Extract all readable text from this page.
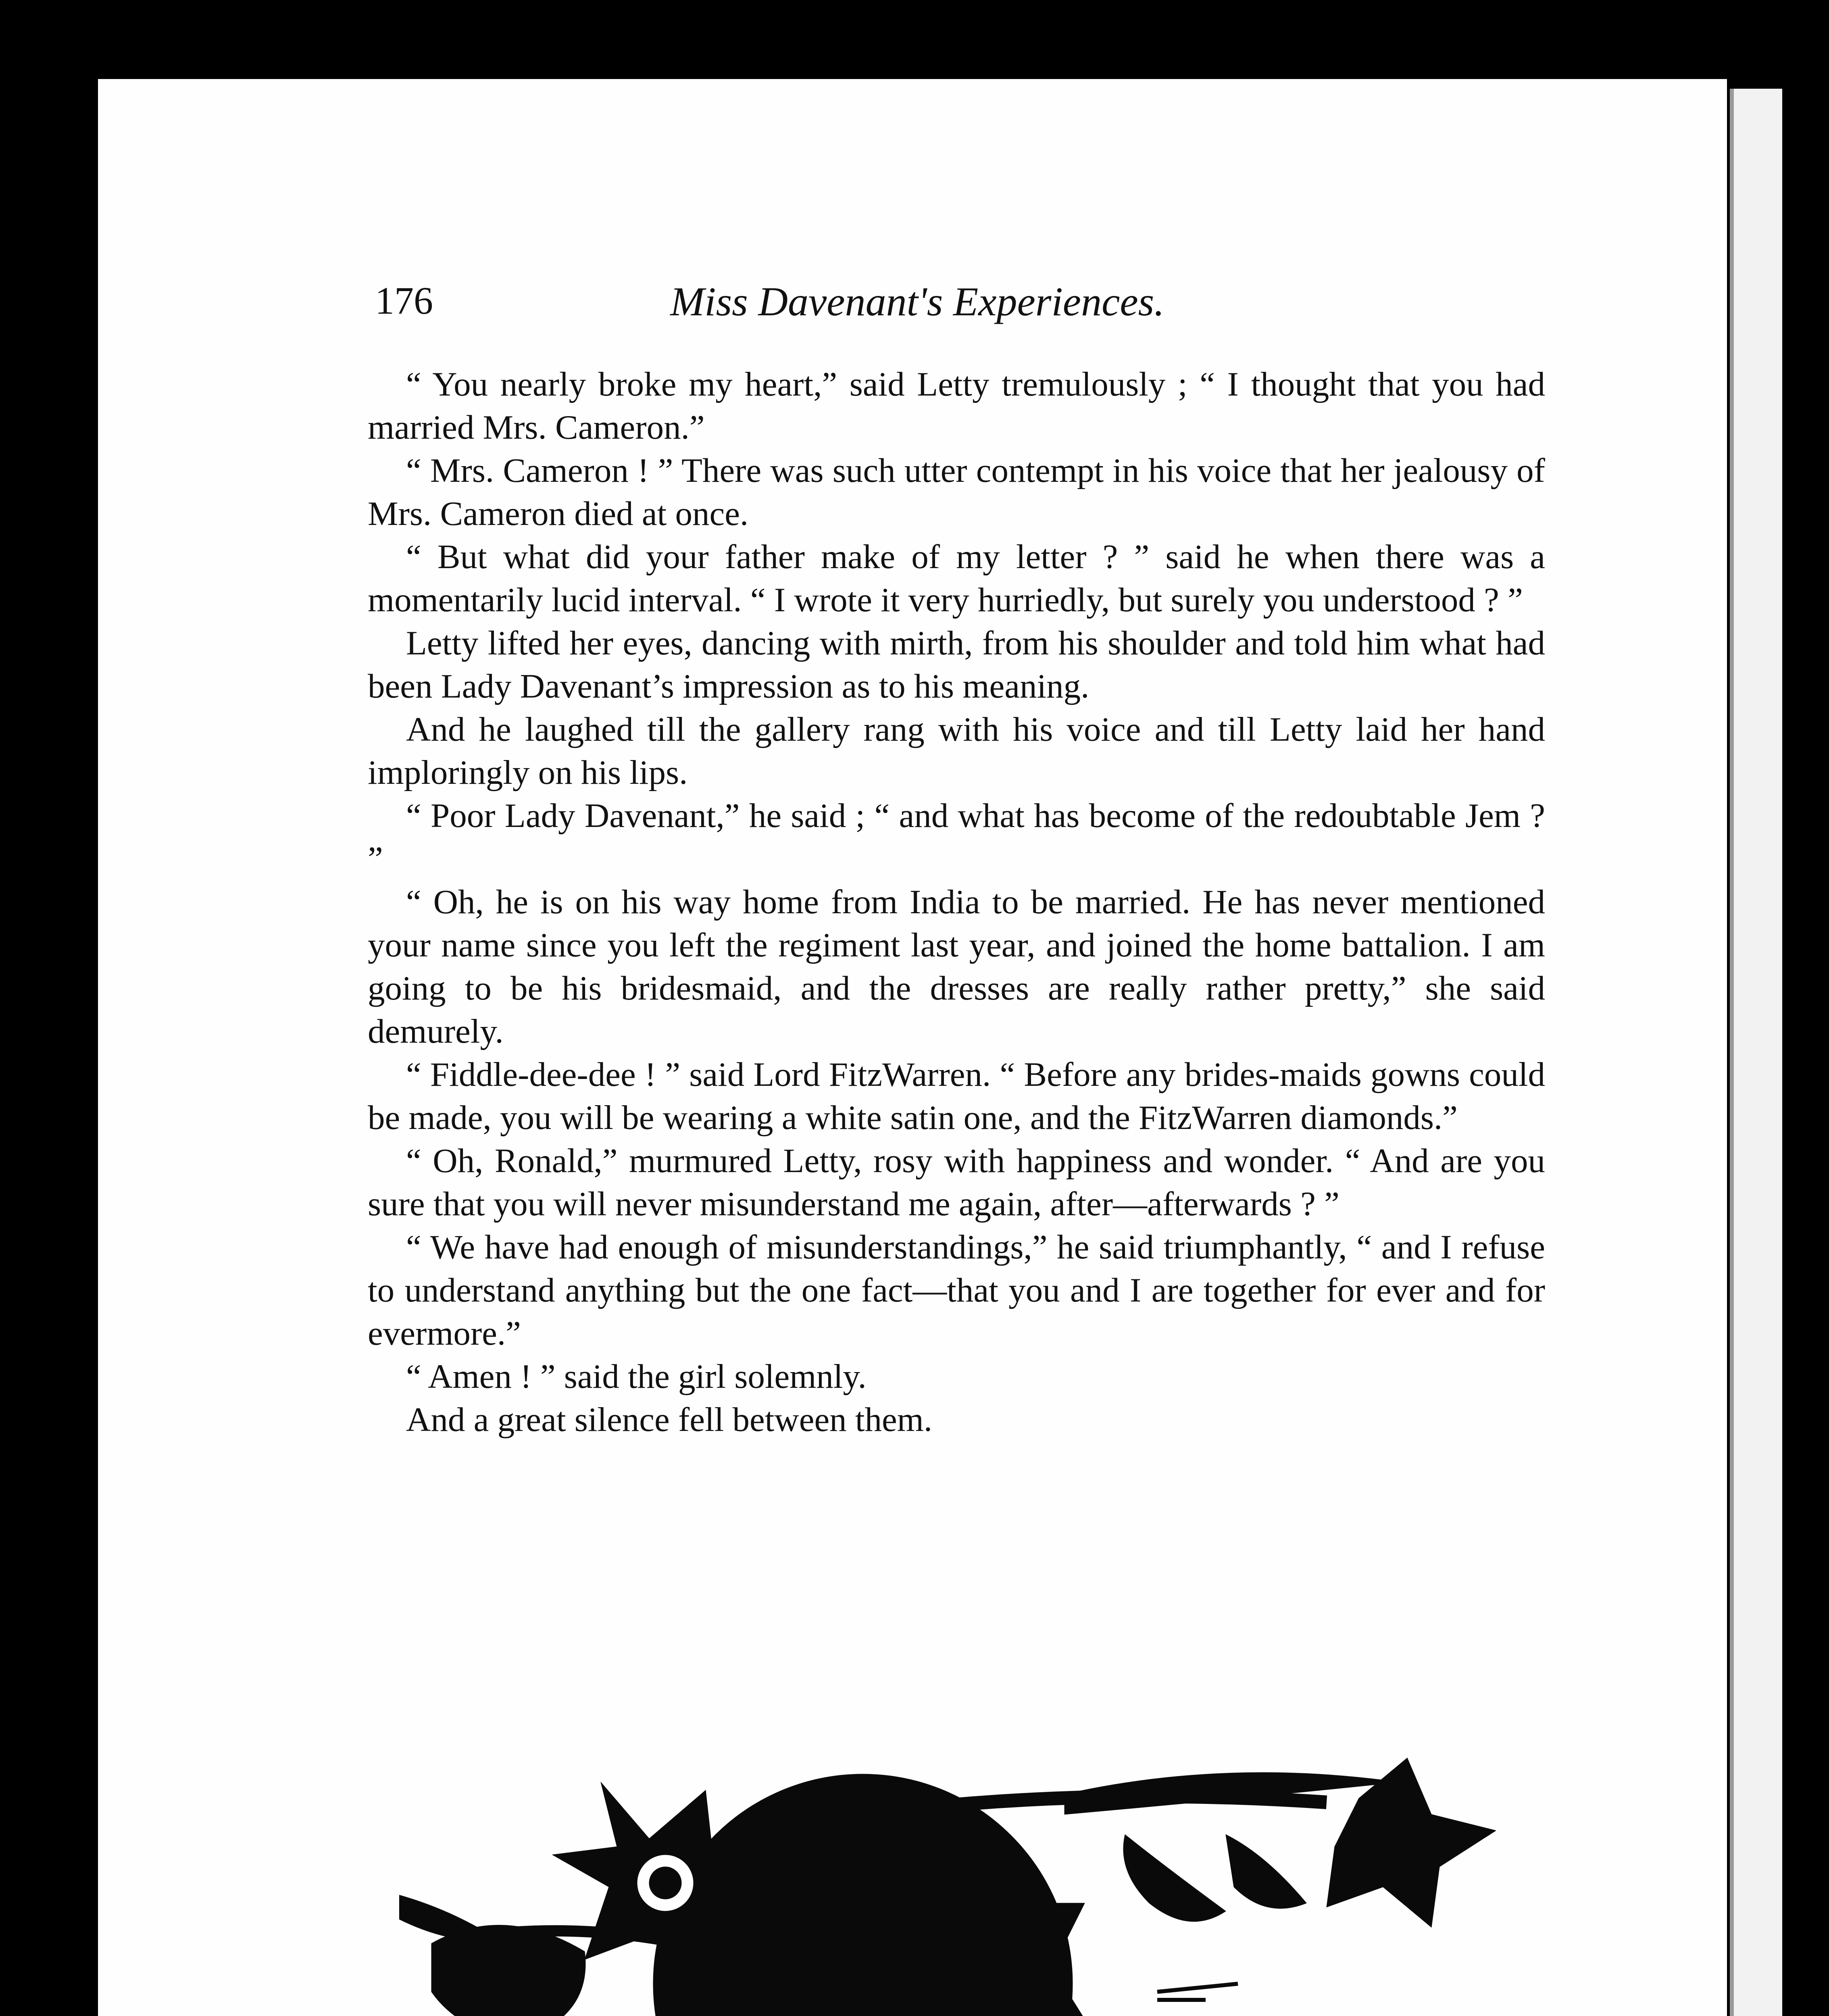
176	Miss Davenant's Experiences.

“ You nearly broke my heart,” said Letty tremulously ; “ I thought that you had married Mrs. Cameron.”

“ Mrs. Cameron ! ” There was such utter contempt in his voice that her jealousy of Mrs. Cameron died at once.

“ But what did your father make of my letter ? ” said he when there was a momentarily lucid interval. “ I wrote it very hurriedly, but surely you understood ? ”

Letty lifted her eyes, dancing with mirth, from his shoulder and told him what had been Lady Davenant’s impression as to his meaning.

And he laughed till the gallery rang with his voice and till Letty laid her hand imploringly on his lips.

“ Poor Lady Davenant,” he said ; “ and what has become of the redoubtable Jem ? ”

“ Oh, he is on his way home from India to be married. He has never mentioned your name since you left the regiment last year, and joined the home battalion. I am going to be his bridesmaid, and the dresses are really rather pretty,” she said demurely.

“ Fiddle-dee-dee ! ” said Lord FitzWarren. “ Before any brides-maids gowns could be made, you will be wearing a white satin one, and the FitzWarren diamonds.”

“ Oh, Ronald,” murmured Letty, rosy with happiness and wonder. “ And are you sure that you will never misunderstand me again, after—afterwards ? ”

“ We have had enough of misunderstandings,” he said triumphantly, “ and I refuse to understand anything but the one fact—that you and I are together for ever and for evermore.”

“ Amen ! ” said the girl solemnly.

And a great silence fell between them.
